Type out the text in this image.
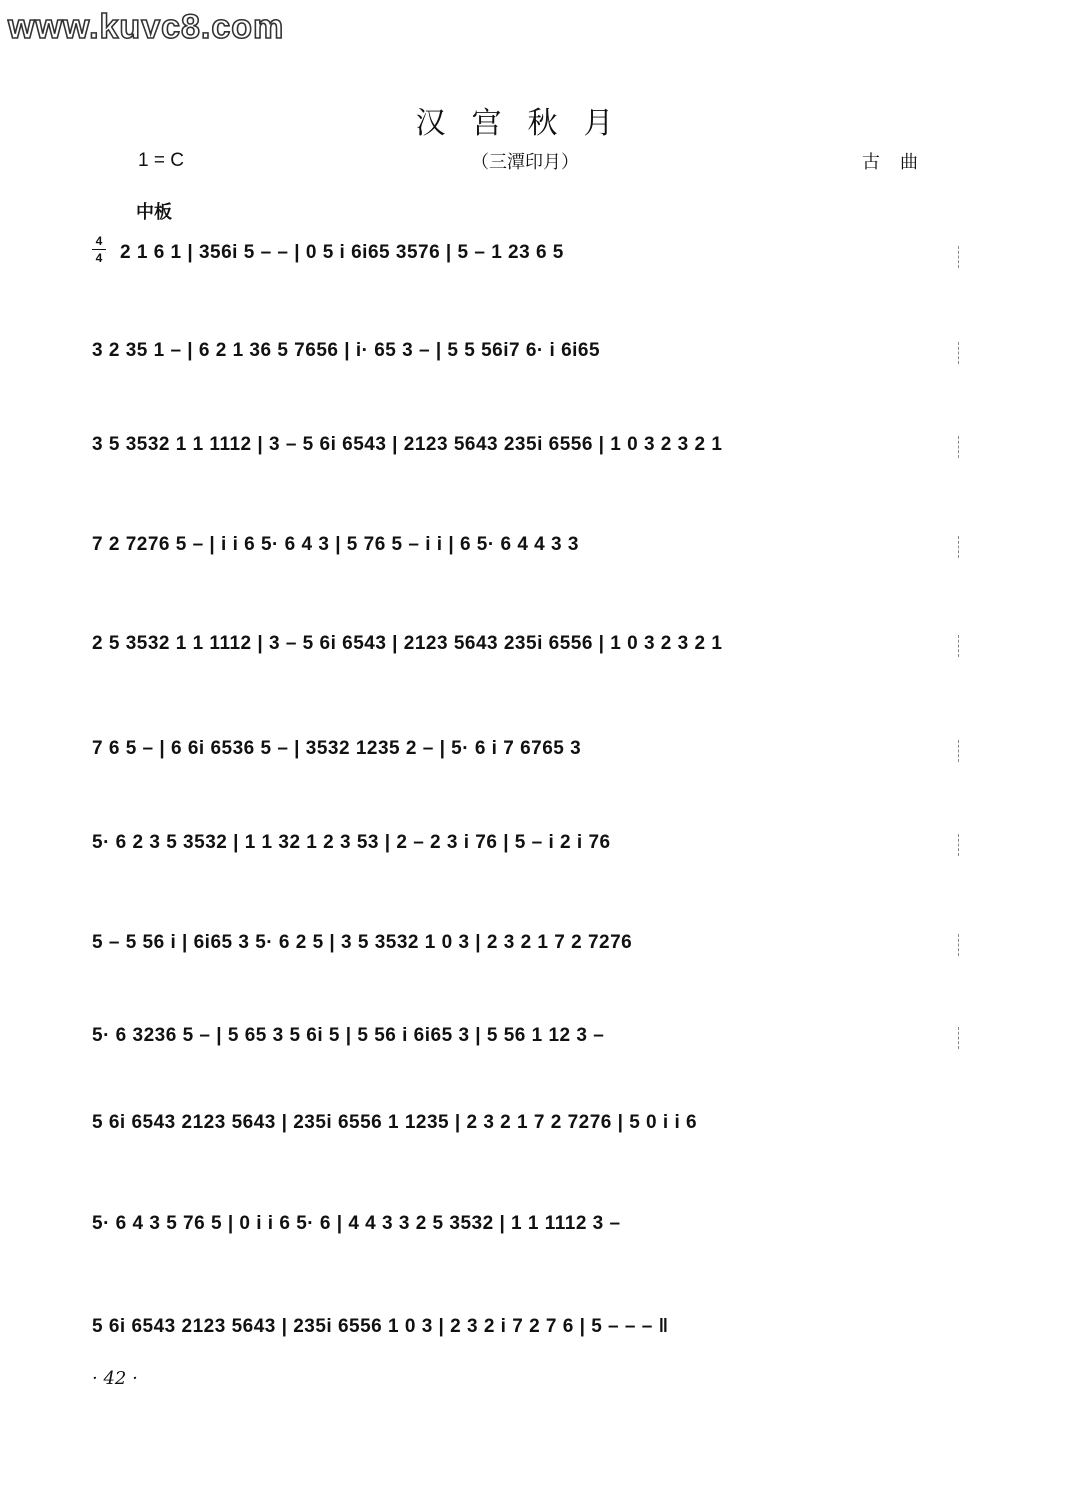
www.kuvc8.com
汉宫秋月
1 = C	（三潭印月）	古曲
中板
4
4 2 1 6 1 | 356i 5 – – | 0 5 i 6i65 3576 | 5 – 1 23 6 5
3 2 35 1 – | 6 2 1 36 5 7656 | i· 65 3 – | 5 5 56i7 6· i 6i65
3 5 3532 1 1 1112 | 3 – 5 6i 6543 | 2123 5643 235i 6556 | 1 0 3 2 3 2 1
7 2 7276 5 – | i i 6 5· 6 4 3 | 5 76 5 – i i | 6 5· 6 4 4 3 3
2 5 3532 1 1 1112 | 3 – 5 6i 6543 | 2123 5643 235i 6556 | 1 0 3 2 3 2 1
7 6 5 – | 6 6i 6536 5 – | 3532 1235 2 – | 5· 6 i 7 6765 3
5· 6 2 3 5 3532 | 1 1 32 1 2 3 53 | 2 – 2 3 i 76 | 5 – i 2 i 76
5 – 5 56 i | 6i65 3 5· 6 2 5 | 3 5 3532 1 0 3 | 2 3 2 1 7 2 7276
5· 6 3236 5 – | 5 65 3 5 6i 5 | 5 56 i 6i65 3 | 5 56 1 12 3 –
5 6i 6543 2123 5643 | 235i 6556 1 1235 | 2 3 2 1 7 2 7276 | 5 0 i i 6
5· 6 4 3 5 76 5 | 0 i i 6 5· 6 | 4 4 3 3 2 5 3532 | 1 1 1112 3 –
5 6i 6543 2123 5643 | 235i 6556 1 0 3 | 2 3 2 i 7 2 7 6 | 5 – – – ‖
· 42 ·
